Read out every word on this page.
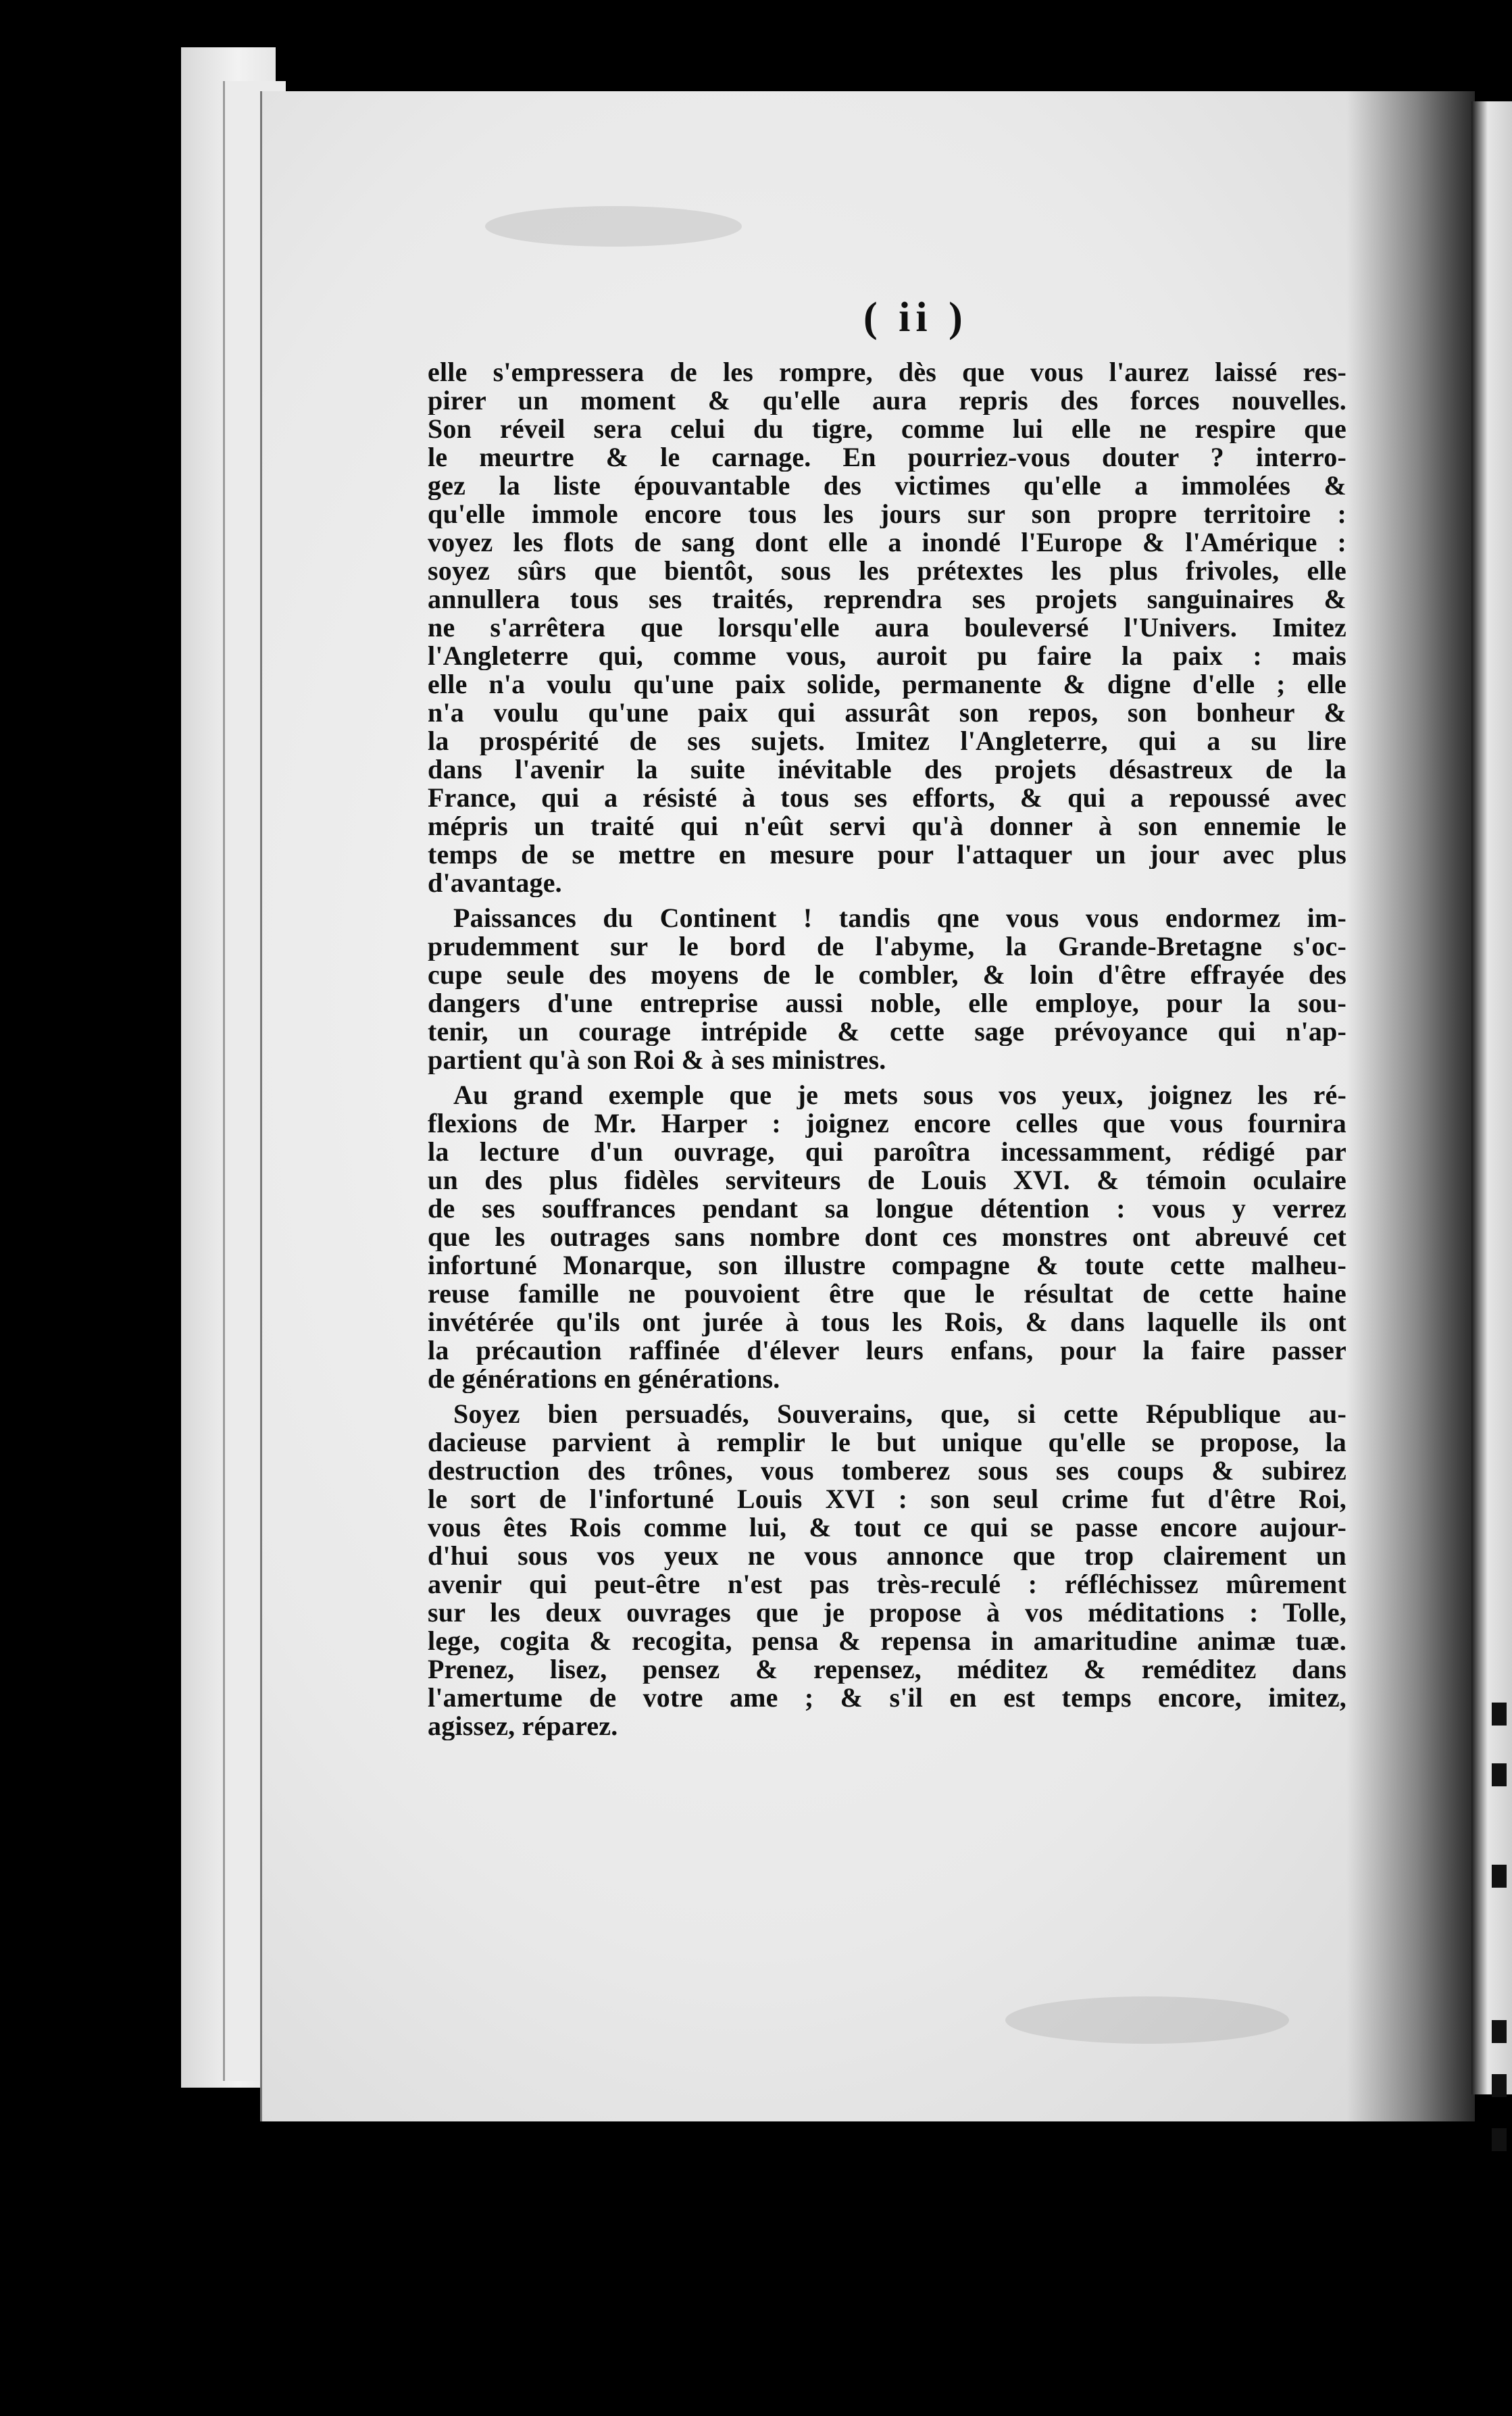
( ii )
elle s'empressera de les rompre, dès que vous l'aurez laissé res-
pirer un moment & qu'elle aura repris des forces nouvelles.
Son réveil sera celui du tigre, comme lui elle ne respire que
le meurtre & le carnage. En pourriez-vous douter ? interro-
gez la liste épouvantable des victimes qu'elle a immolées &
qu'elle immole encore tous les jours sur son propre territoire :
voyez les flots de sang dont elle a inondé l'Europe & l'Amérique :
soyez sûrs que bientôt, sous les prétextes les plus frivoles, elle
annullera tous ses traités, reprendra ses projets sanguinaires &
ne s'arrêtera que lorsqu'elle aura bouleversé l'Univers. Imitez
l'Angleterre qui, comme vous, auroit pu faire la paix : mais
elle n'a voulu qu'une paix solide, permanente & digne d'elle ; elle
n'a voulu qu'une paix qui assurât son repos, son bonheur &
la prospérité de ses sujets. Imitez l'Angleterre, qui a su lire
dans l'avenir la suite inévitable des projets désastreux de la
France, qui a résisté à tous ses efforts, & qui a repoussé avec
mépris un traité qui n'eût servi qu'à donner à son ennemie le
temps de se mettre en mesure pour l'attaquer un jour avec plus
d'avantage.
Paissances du Continent ! tandis qne vous vous endormez im-
prudemment sur le bord de l'abyme, la Grande-Bretagne s'oc-
cupe seule des moyens de le combler, & loin d'être effrayée des
dangers d'une entreprise aussi noble, elle employe, pour la sou-
tenir, un courage intrépide & cette sage prévoyance qui n'ap-
partient qu'à son Roi & à ses ministres.
Au grand exemple que je mets sous vos yeux, joignez les ré-
flexions de Mr. Harper : joignez encore celles que vous fournira
la lecture d'un ouvrage, qui paroîtra incessamment, rédigé par
un des plus fidèles serviteurs de Louis XVI. & témoin oculaire
de ses souffrances pendant sa longue détention : vous y verrez
que les outrages sans nombre dont ces monstres ont abreuvé cet
infortuné Monarque, son illustre compagne & toute cette malheu-
reuse famille ne pouvoient être que le résultat de cette haine
invétérée qu'ils ont jurée à tous les Rois, & dans laquelle ils ont
la précaution raffinée d'élever leurs enfans, pour la faire passer
de générations en générations.
Soyez bien persuadés, Souverains, que, si cette République au-
dacieuse parvient à remplir le but unique qu'elle se propose, la
destruction des trônes, vous tomberez sous ses coups & subirez
le sort de l'infortuné Louis XVI : son seul crime fut d'être Roi,
vous êtes Rois comme lui, & tout ce qui se passe encore aujour-
d'hui sous vos yeux ne vous annonce que trop clairement un
avenir qui peut-être n'est pas très-reculé : réfléchissez mûrement
sur les deux ouvrages que je propose à vos méditations : Tolle,
lege, cogita & recogita, pensa & repensa in amaritudine animæ tuæ.
Prenez, lisez, pensez & repensez, méditez & reméditez dans
l'amertume de votre ame ; & s'il en est temps encore, imitez,
agissez, réparez.
